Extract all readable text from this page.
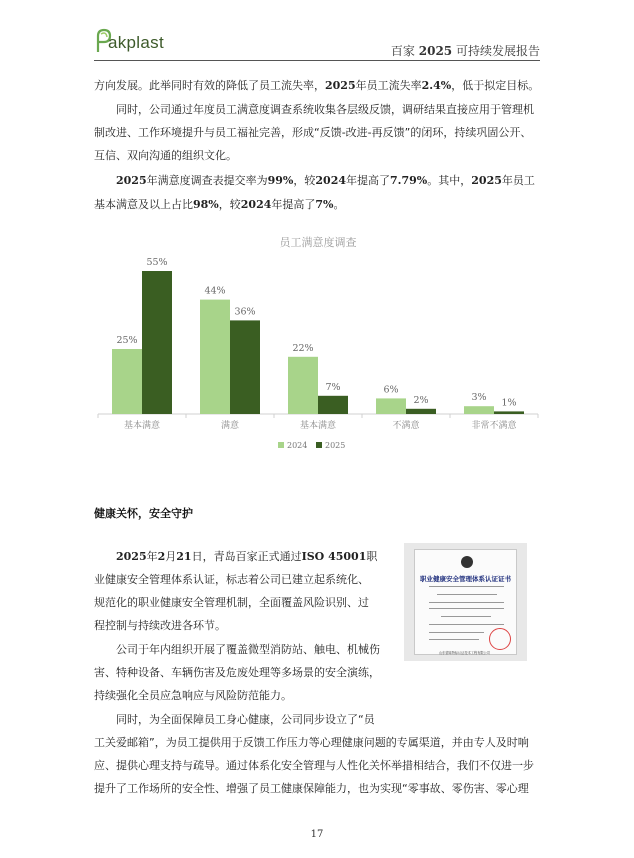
akplast	百家 2025 可持续发展报告
方向发展。此举同时有效的降低了员工流失率，2025年员工流失率2.4%，低于拟定目标。
同时，公司通过年度员工满意度调查系统收集各层级反馈，调研结果直接应用于管理机
制改进、工作环境提升与员工福祉完善，形成“反馈-改进-再反馈”的闭环，持续巩固公开、
互信、双向沟通的组织文化。
2025年满意度调查表提交率为99%，较2024年提高了7.79%。其中，2025年员工
基本满意及以上占比98%，较2024年提高了7%。
员工满意度调查
25%
55%
基本满意
44%
36%
满意
22%
7%
基本满意
6%
2%
不满意
3% 1%
非常不满意
2024 2025
健康关怀，安全守护
2025年2月21日，青岛百家正式通过ISO 45001职
业健康安全管理体系认证，标志着公司已建立起系统化、
规范化的职业健康安全管理机制，全面覆盖风险识别、过
程控制与持续改进各环节。
公司于年内组织开展了覆盖微型消防站、触电、机械伤
害、特种设备、车辆伤害及危废处理等多场景的安全演练，
持续强化全员应急响应与风险防范能力。
同时，为全面保障员工身心健康，公司同步设立了“员
工关爱邮箱”，为员工提供用于反馈工作压力等心理健康问题的专属渠道，并由专人及时响
应、提供心理支持与疏导。通过体系化安全管理与人性化关怀举措相结合，我们不仅进一步
提升了工作场所的安全性、增强了员工健康保障能力，也为实现“零事故、零伤害、零心理
职业健康安全管理体系认证证书
山东德赛特标认证技术工程有限公司
17
